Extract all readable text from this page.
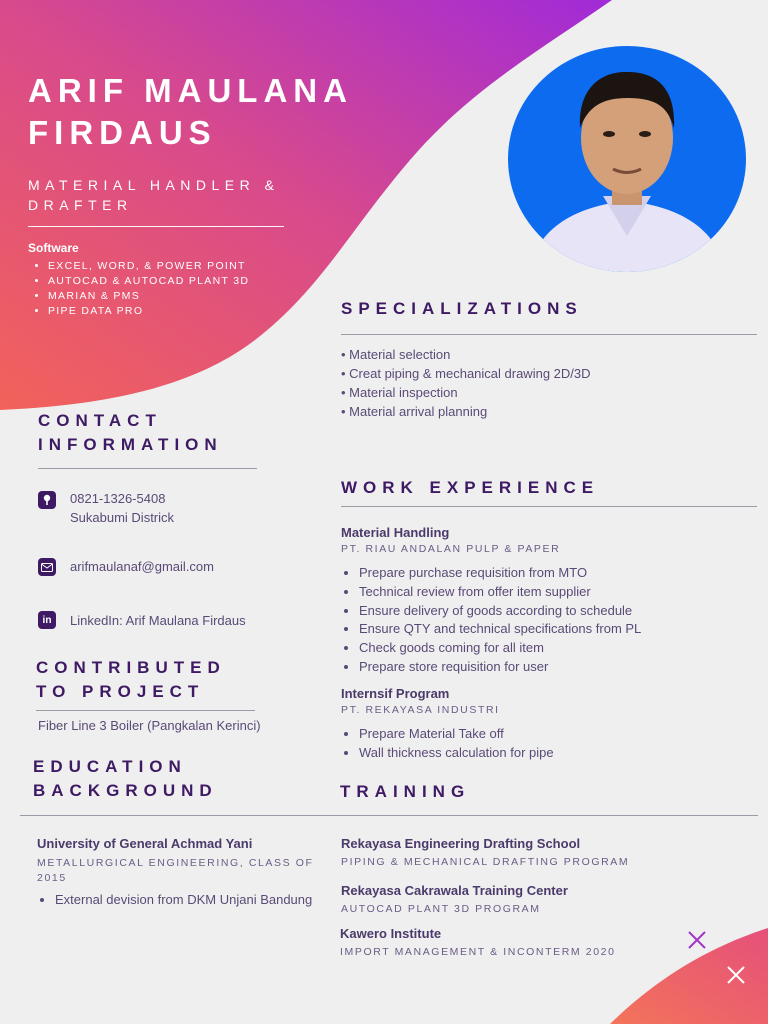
ARIF MAULANA FIRDAUS
MATERIAL HANDLER & DRAFTER
Software
• EXCEL, WORD, & POWER POINT
• AUTOCAD & AUTOCAD PLANT 3D
• MARIAN & PMS
• PIPE DATA PRO	SPECIALIZATIONS
• Material selection
• Creat piping & mechanical drawing 2D/3D
• Material inspection
• Material arrival planning
CONTACT
INFORMATION
0821-1326-5408
Sukabumi Districk
arifmaulanaf@gmail.com
in	LinkedIn: Arif Maulana Firdaus
WORK EXPERIENCE
Material Handling
PT. RIAU ANDALAN PULP & PAPER
• Prepare purchase requisition from MTO
• Technical review from offer item supplier
• Ensure delivery of goods according to schedule
• Ensure QTY and technical specifications from PL
• Check goods coming for all item
• Prepare store requisition for user
Internsif Program
PT. REKAYASA INDUSTRI
• Prepare Material Take off
• Wall thickness calculation for pipe
CONTRIBUTED
TO PROJECT
Fiber Line 3 Boiler (Pangkalan Kerinci)
EDUCATION
BACKGROUND	TRAINING
University of General Achmad Yani
METALLURGICAL ENGINEERING, CLASS OF 2015
• External devision from DKM Unjani Bandung
Rekayasa Engineering Drafting School
PIPING & MECHANICAL DRAFTING PROGRAM
Rekayasa Cakrawala Training Center
AUTOCAD PLANT 3D PROGRAM
Kawero Institute
IMPORT MANAGEMENT & INCONTERM 2020
